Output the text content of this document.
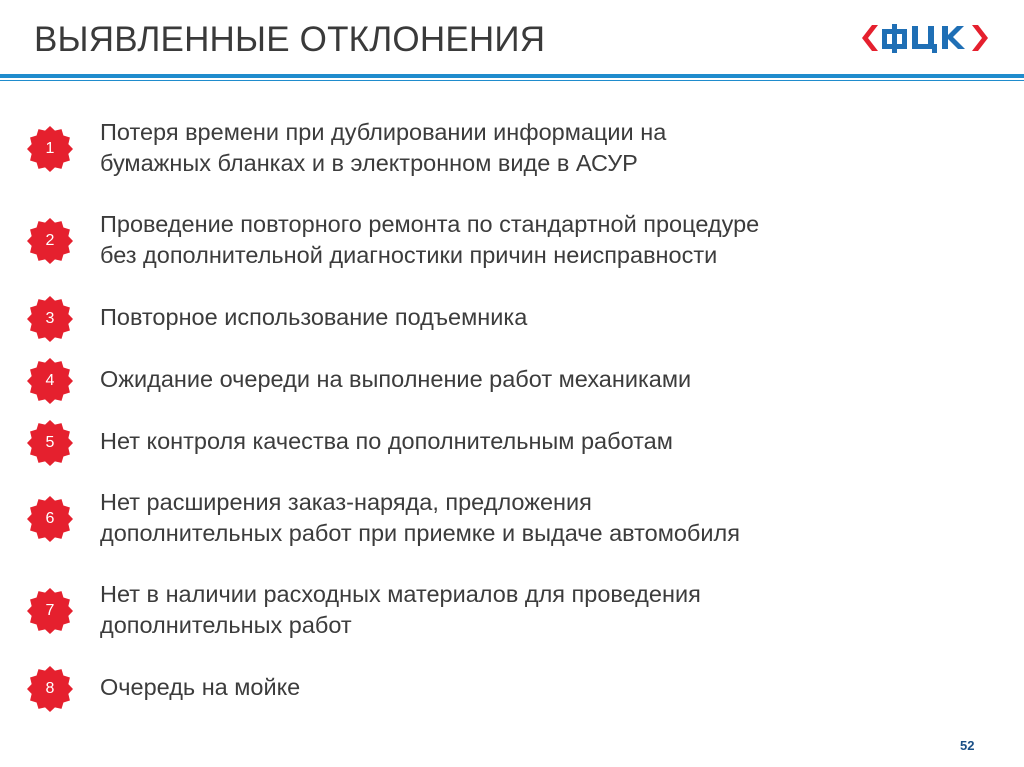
ВЫЯВЛЕННЫЕ ОТКЛОНЕНИЯ
1
Потеря времени при дублировании информации на
бумажных бланках и в электронном виде в АСУР
2
Проведение повторного ремонта по стандартной процедуре
без дополнительной диагностики причин неисправности
3	Повторное использование подъемника
4	Ожидание очереди на выполнение работ механиками
5	Нет контроля качества по дополнительным работам
6
Нет расширения заказ-наряда, предложения
дополнительных работ при приемке и выдаче автомобиля
7
Нет в наличии расходных материалов для проведения
дополнительных работ
8	Очередь на мойке
52
